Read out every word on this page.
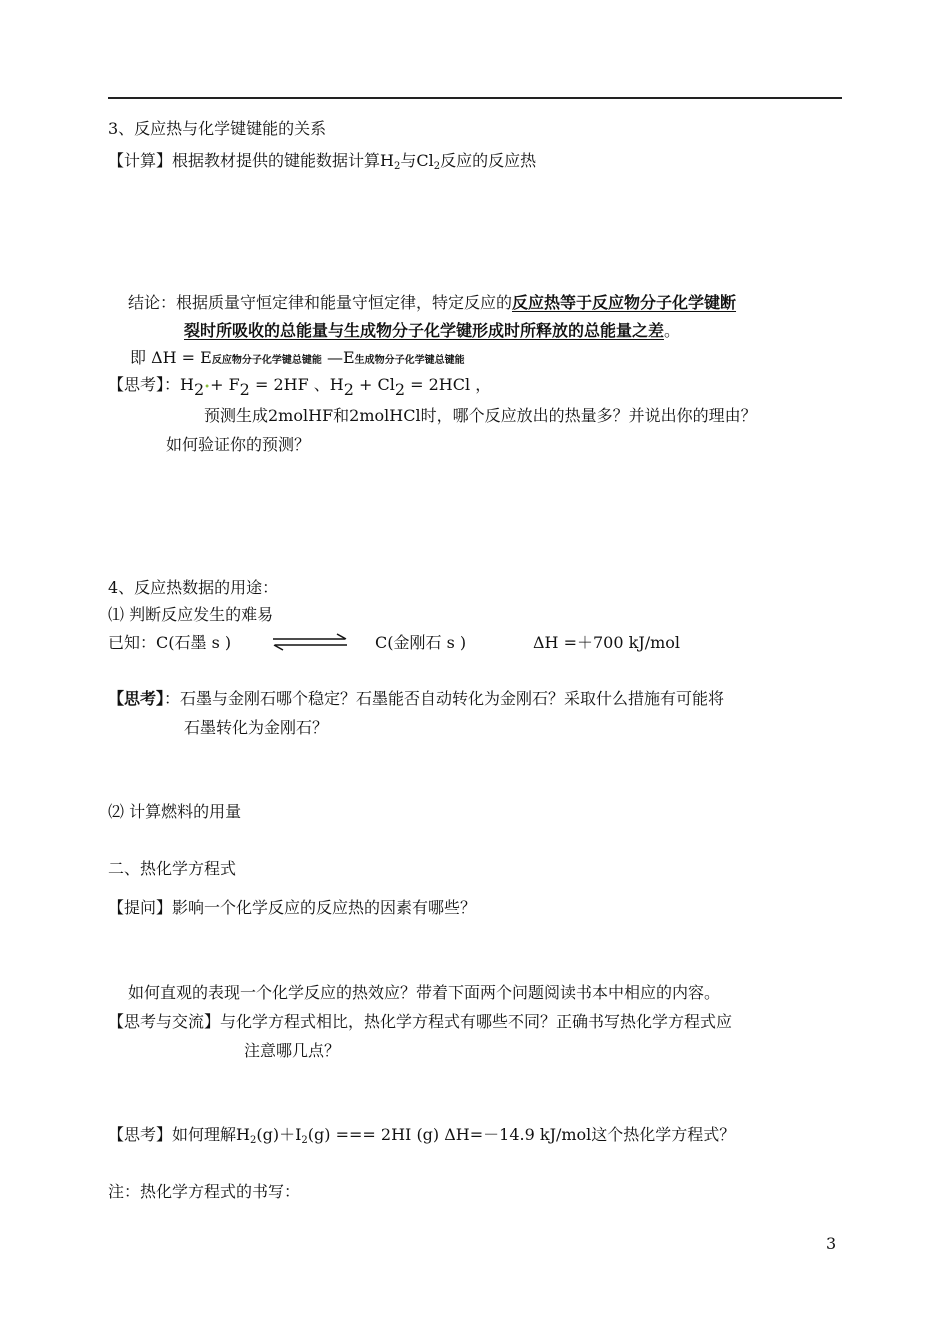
3、反应热与化学键键能的关系
【计算】根据教材提供的键能数据计算$H_2$与$Cl_2$反应的反应热
结论：根据质量守恒定律和能量守恒定律，特定反应的反应热等于反应物分子化学键断
裂时所吸收的总能量与生成物分子化学键形成时所释放的总能量之差。
即 ΔH = E反应物分子化学键总键能 —E生成物分子化学键总键能
【思考】：H2•+ F2 = 2HF 、H2 + Cl2 = 2HCl ，
预测生成2molHF和2molHCl时，哪个反应放出的热量多？并说出你的理由？
如何验证你的预测？
4、反应热数据的用途：
⑴ 判断反应发生的难易
已知：C(石墨 s )	C(金刚石 s )	ΔH =＋700 kJ/mol
【思考】：石墨与金刚石哪个稳定？石墨能否自动转化为金刚石？采取什么措施有可能将
石墨转化为金刚石？
⑵ 计算燃料的用量
二、热化学方程式
【提问】影响一个化学反应的反应热的因素有哪些？
如何直观的表现一个化学反应的热效应？带着下面两个问题阅读书本中相应的内容。
【思考与交流】与化学方程式相比，热化学方程式有哪些不同？正确书写热化学方程式应
注意哪几点？
【思考】如何理解$H_2(g)+I_2(g)$ === 2HI (g) ΔH=－14.9 kJ/mol这个热化学方程式？
注：热化学方程式的书写：
3
